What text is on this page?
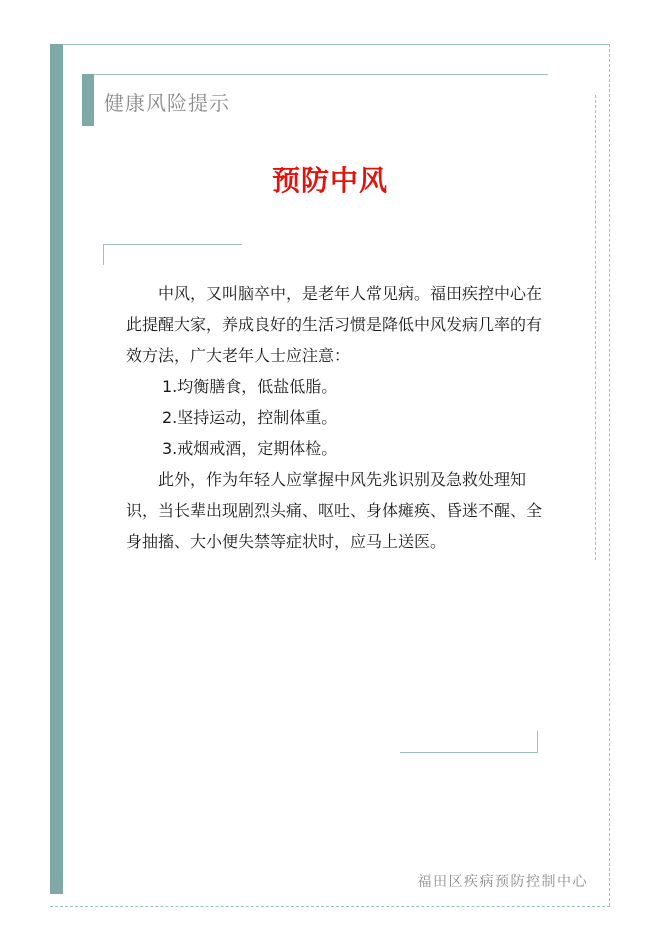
健康风险提示
预防中风

中风，又叫脑卒中，是老年人常见病。福田疾控中心在此提醒大家，养成良好的生活习惯是降低中风发病几率的有效方法，广大老年人士应注意：

1.均衡膳食，低盐低脂。

2.坚持运动，控制体重。

3.戒烟戒酒，定期体检。

此外，作为年轻人应掌握中风先兆识别及急救处理知识，当长辈出现剧烈头痛、呕吐、身体瘫痪、昏迷不醒、全身抽搐、大小便失禁等症状时，应马上送医。

福田区疾病预防控制中心
